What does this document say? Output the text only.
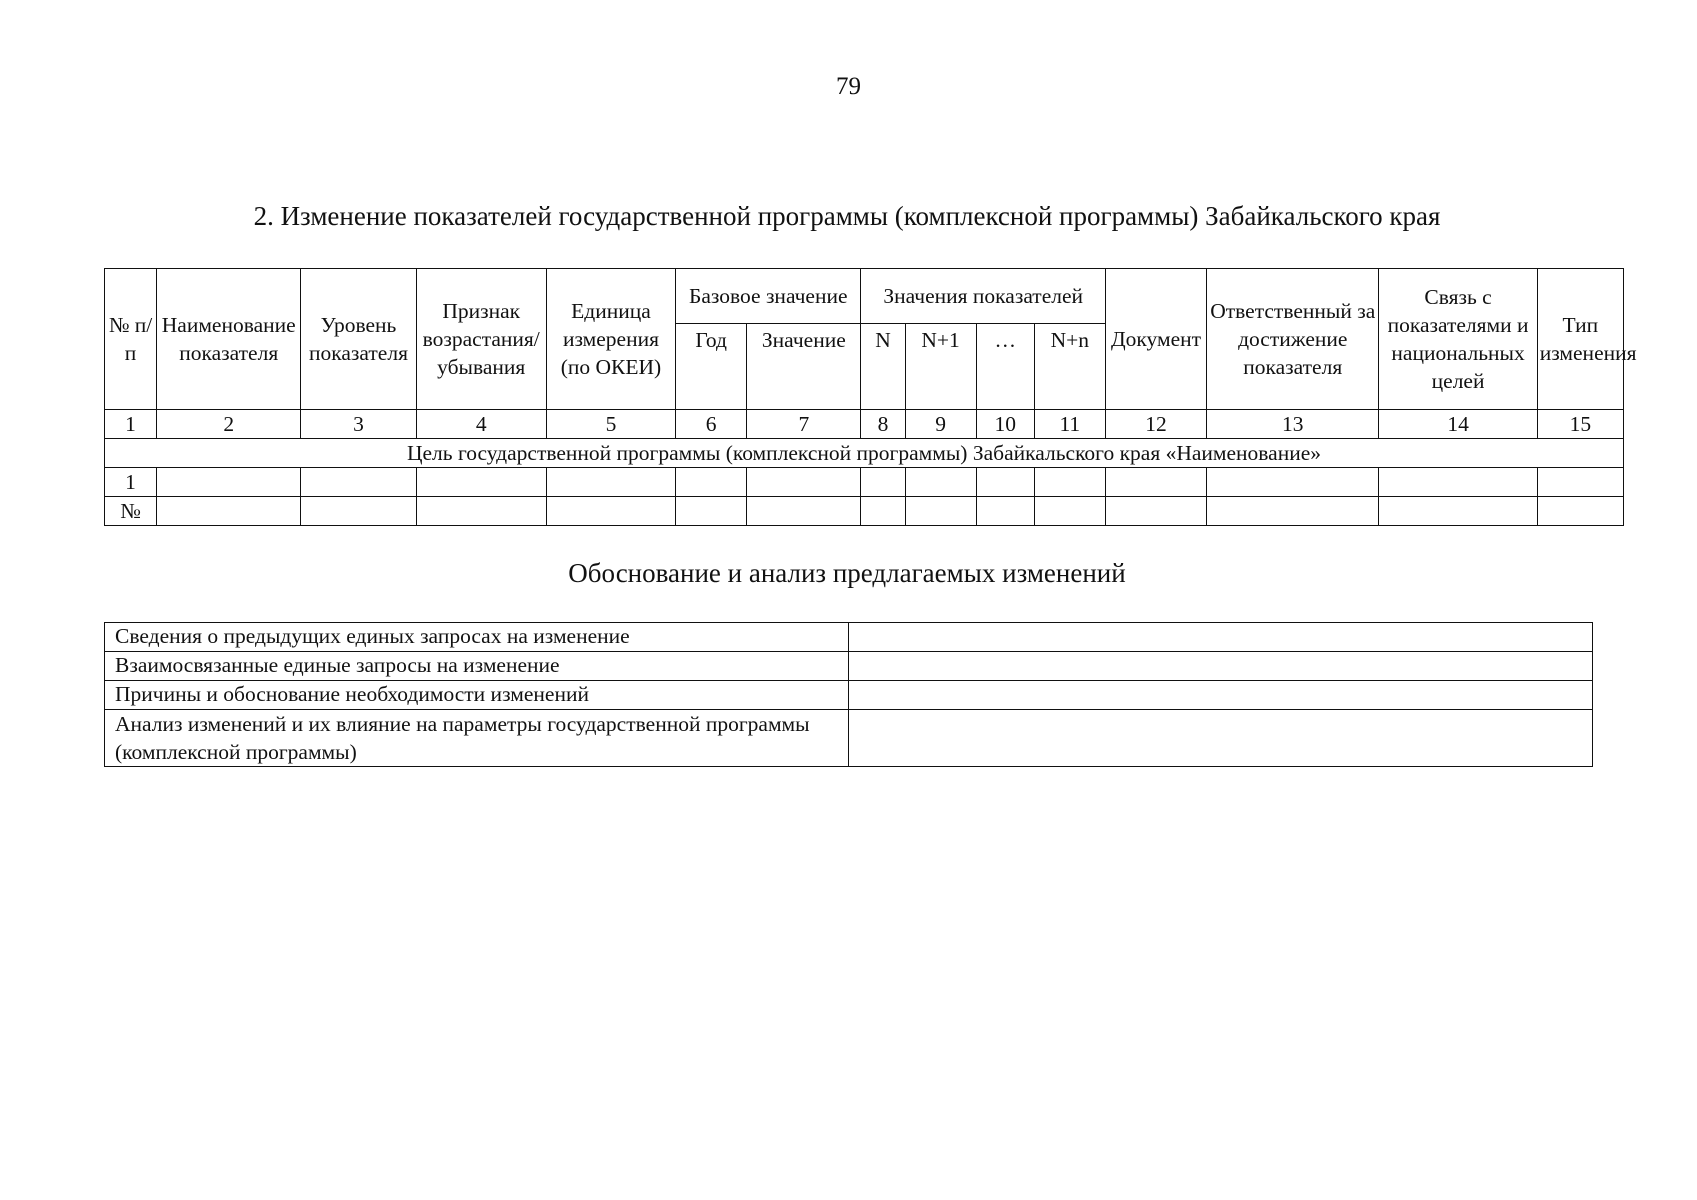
79
2. Изменение показателей государственной программы (комплексной программы) Забайкальского края
№ п/п	Наименование показателя	Уровень показателя	Признак возрастания/ убывания	Единица измерения (по ОКЕИ)	Базовое значение		Значения показателей				Документ	Ответственный за достижение показателя	Связь с показателями и национальных целей	Тип изменения
					Год	Значение	N	N+1	…	N+n				
1	2	3	4	5	6	7	8	9	10	11	12	13	14	15
Цель государственной программы (комплексной программы) Забайкальского края «Наименование»														
1														
№														
Обоснование и анализ предлагаемых изменений
Сведения о предыдущих единых запросах на изменение	
Взаимосвязанные единые запросы на изменение	
Причины и обоснование необходимости изменений	
Анализ изменений и их влияние на параметры государственной программы (комплексной программы)	
